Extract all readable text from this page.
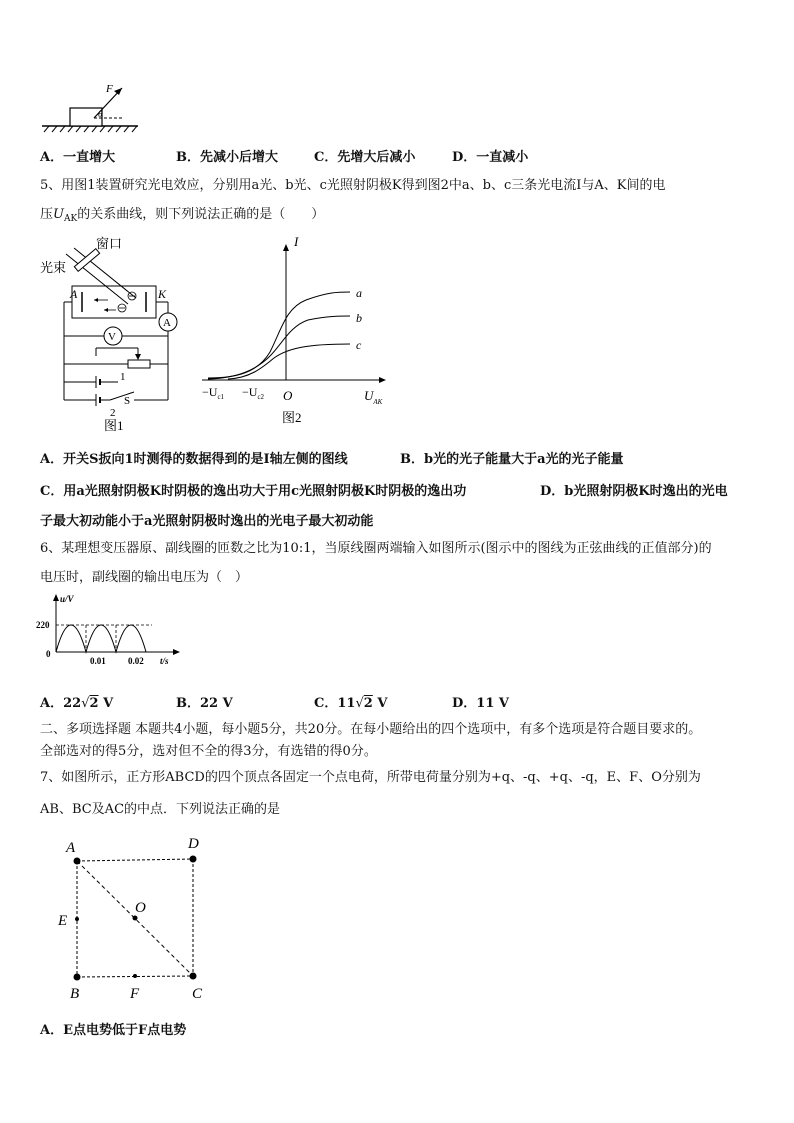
F
θ
A．一直增大	B．先减小后增大	C．先增大后减小	D．一直减小
5、用图1装置研究光电效应，分别用a光、b光、c光照射阴极K得到图2中a、b、c三条光电流I与A、K间的电
压$U_{AK}$的关系曲线，则下列说法正确的是（　　）
窗口
光束
A	K
A
V
1
2
S
图1
I
a
b
c
$-U_{c1} -U_{c2}$ O	$U_{AK}$
图2
A．开关S扳向1时测得的数据得到的是I轴左侧的图线	B．b光的光子能量大于a光的光子能量
C．用a光照射阴极K时阴极的逸出功大于用c光照射阴极K时阴极的逸出功	D．b光照射阴极K时逸出的光电
子最大初动能小于a光照射阴极时逸出的光电子最大初动能
6、某理想变压器原、副线圈的匝数之比为10:1，当原线圈两端输入如图所示(图示中的图线为正弦曲线的正值部分)的
电压时，副线圈的输出电压为（　）
u/V
220
0
0.01 0.02 t/s
A．22√2 V	B．22 V	C．11√2 V	D．11 V
二、多项选择题 本题共4小题，每小题5分，共20分。在每小题给出的四个选项中，有多个选项是符合题目要求的。
全部选对的得5分，选对但不全的得3分，有选错的得0分。
7、如图所示，正方形ABCD的四个顶点各固定一个点电荷，所带电荷量分别为+q、-q、+q、-q，E、F、O分别为
AB、BC及AC的中点．下列说法正确的是
A	D
B	C
E
F
O
A．E点电势低于F点电势
